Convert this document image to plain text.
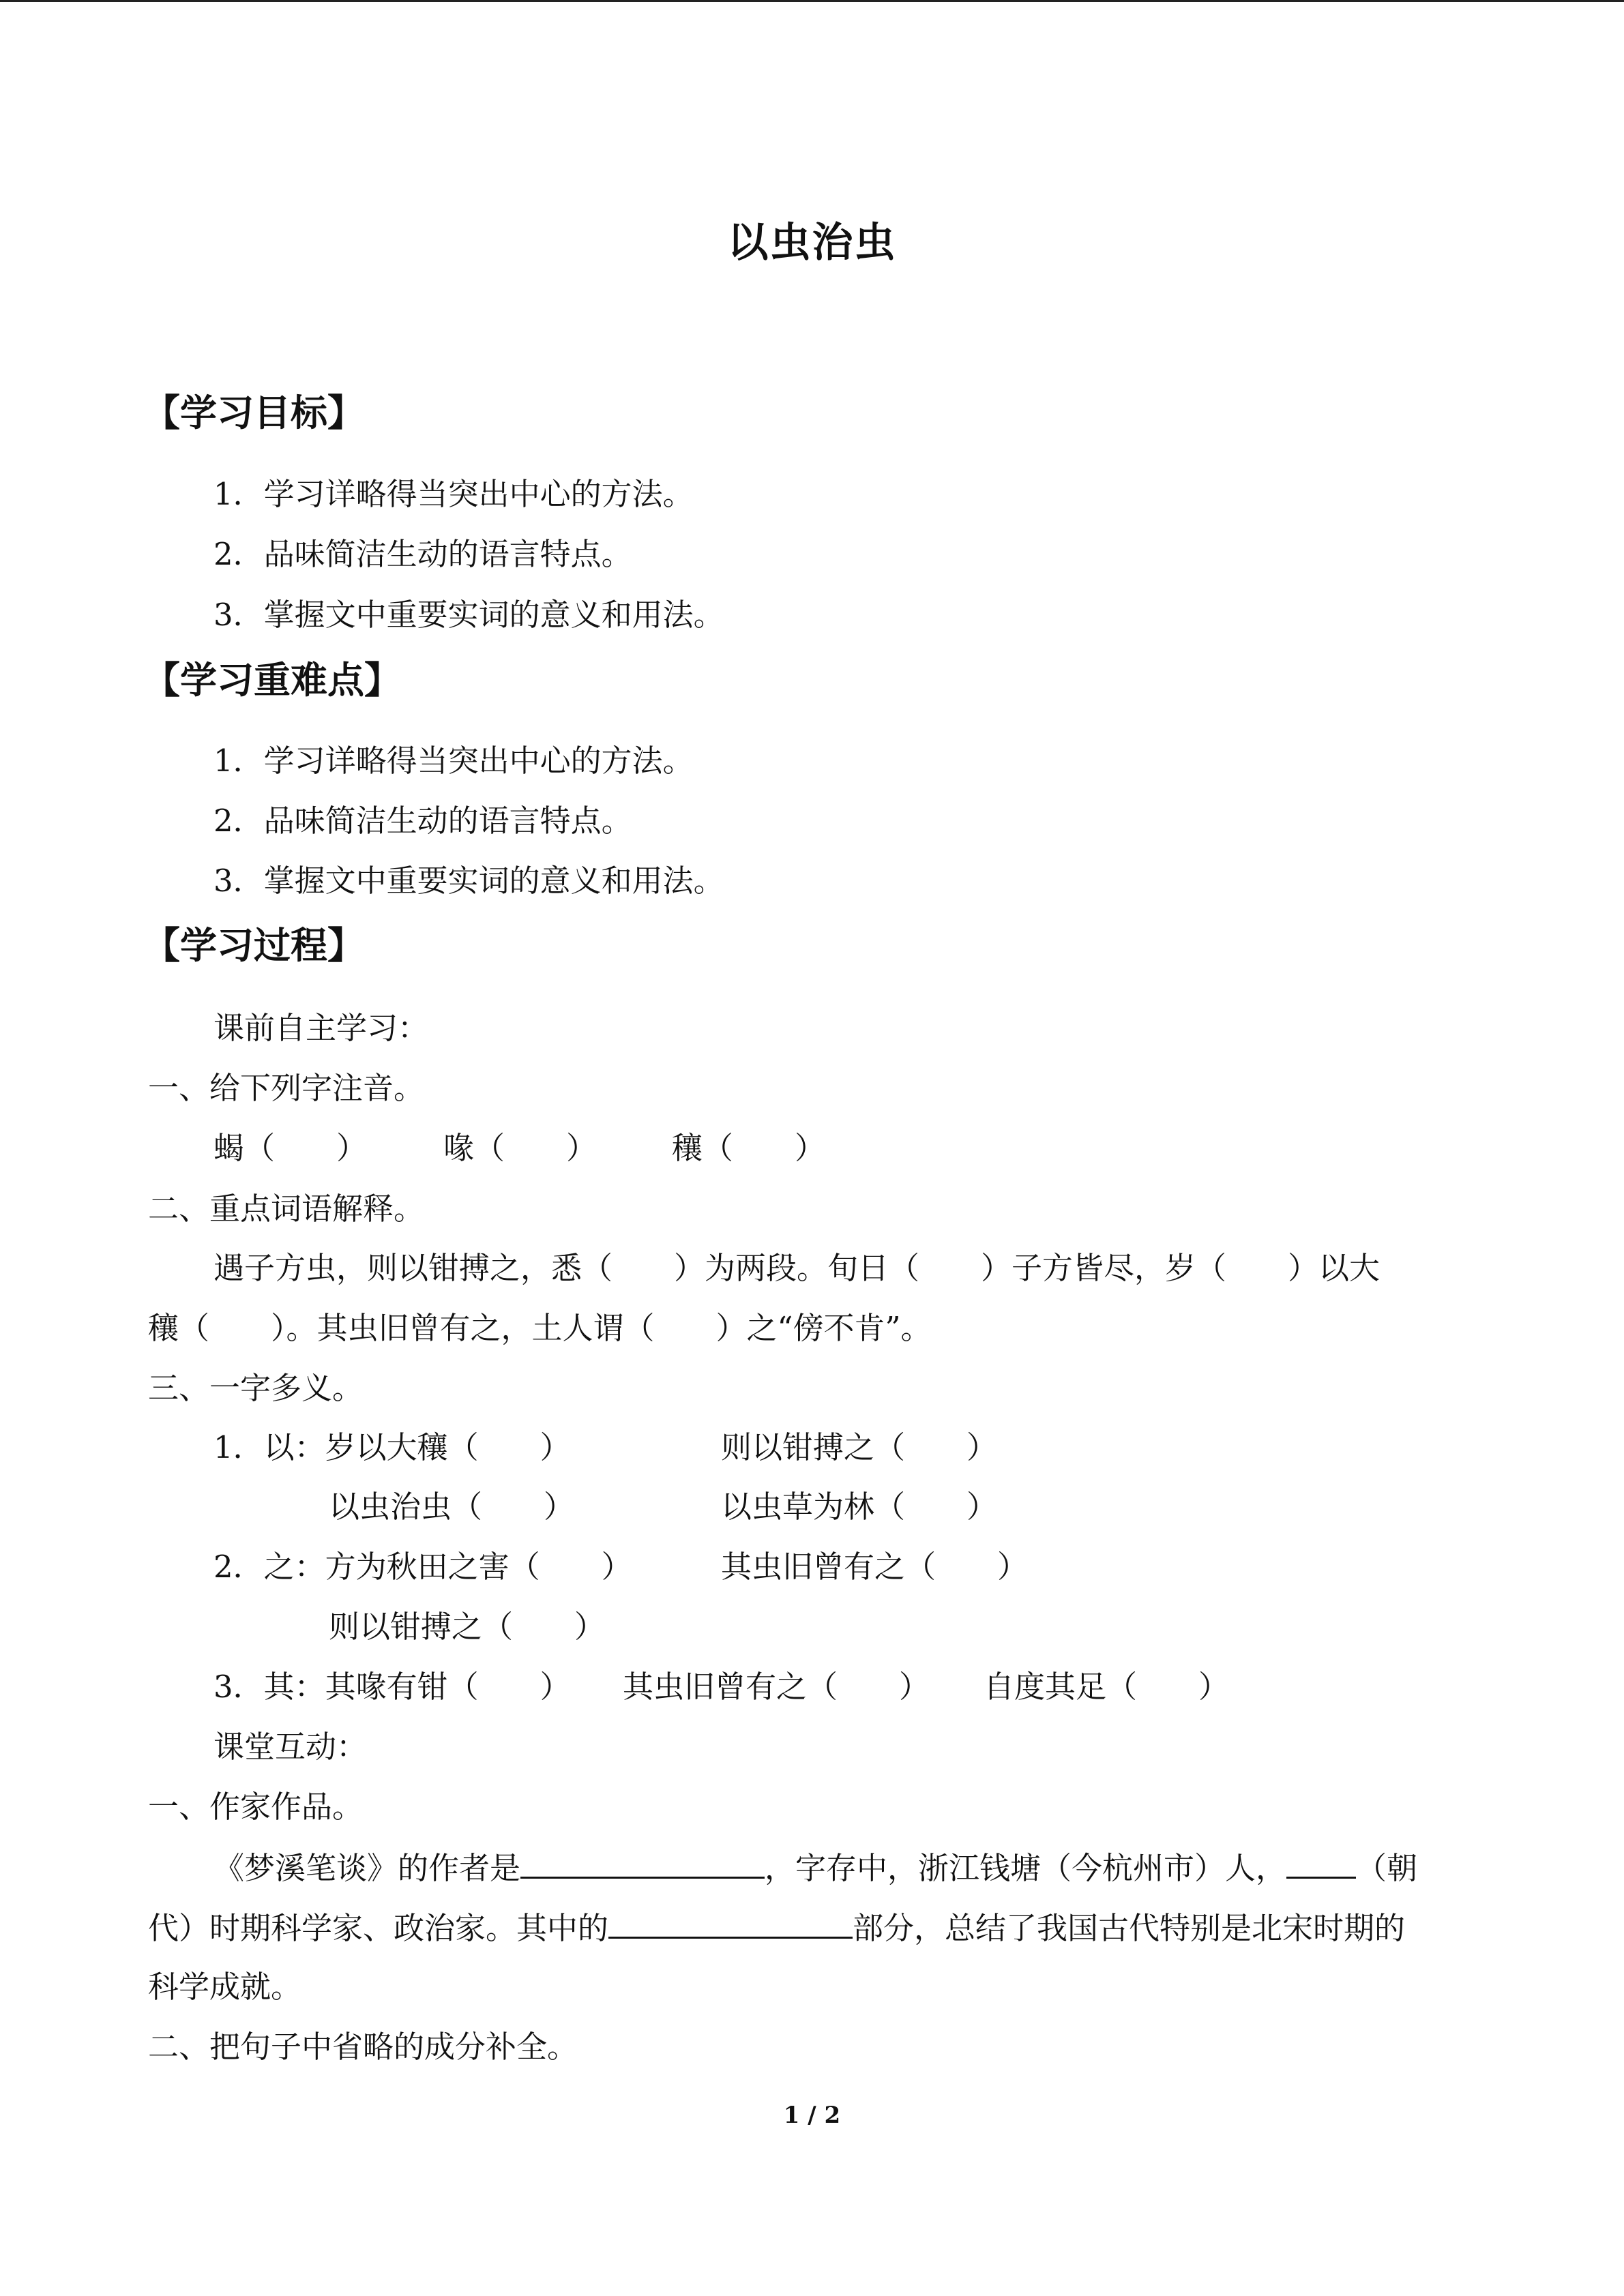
以虫治虫
【学习目标】
1．学习详略得当突出中心的方法。
2．品味简洁生动的语言特点。
3．掌握文中重要实词的意义和用法。
【学习重难点】
1．学习详略得当突出中心的方法。
2．品味简洁生动的语言特点。
3．掌握文中重要实词的意义和用法。
【学习过程】
课前自主学习：
一、给下列字注音。
蝎（　　） 喙（　　） 穰（　　）
二、重点词语解释。
遇子方虫，则以钳搏之，悉（　　）为两段。旬日（　　）子方皆尽，岁（　　）以大
穰（　　）。其虫旧曾有之，土人谓（　　）之“傍不肯”。
三、一字多义。
1．以：岁以大穰（　　）	则以钳搏之（　　）
以虫治虫（　　）	以虫草为林（　　）
2．之：方为秋田之害（　　）	其虫旧曾有之（　　）
则以钳搏之（　　）
3．其：其喙有钳（　　） 其虫旧曾有之（　　） 自度其足（　　）
课堂互动：
一、作家作品。
《梦溪笔谈》的作者是	，字存中，浙江钱塘（今杭州市）人， （朝
代）时期科学家、政治家。其中的	部分，总结了我国古代特别是北宋时期的
科学成就。
二、把句子中省略的成分补全。
1 / 2
